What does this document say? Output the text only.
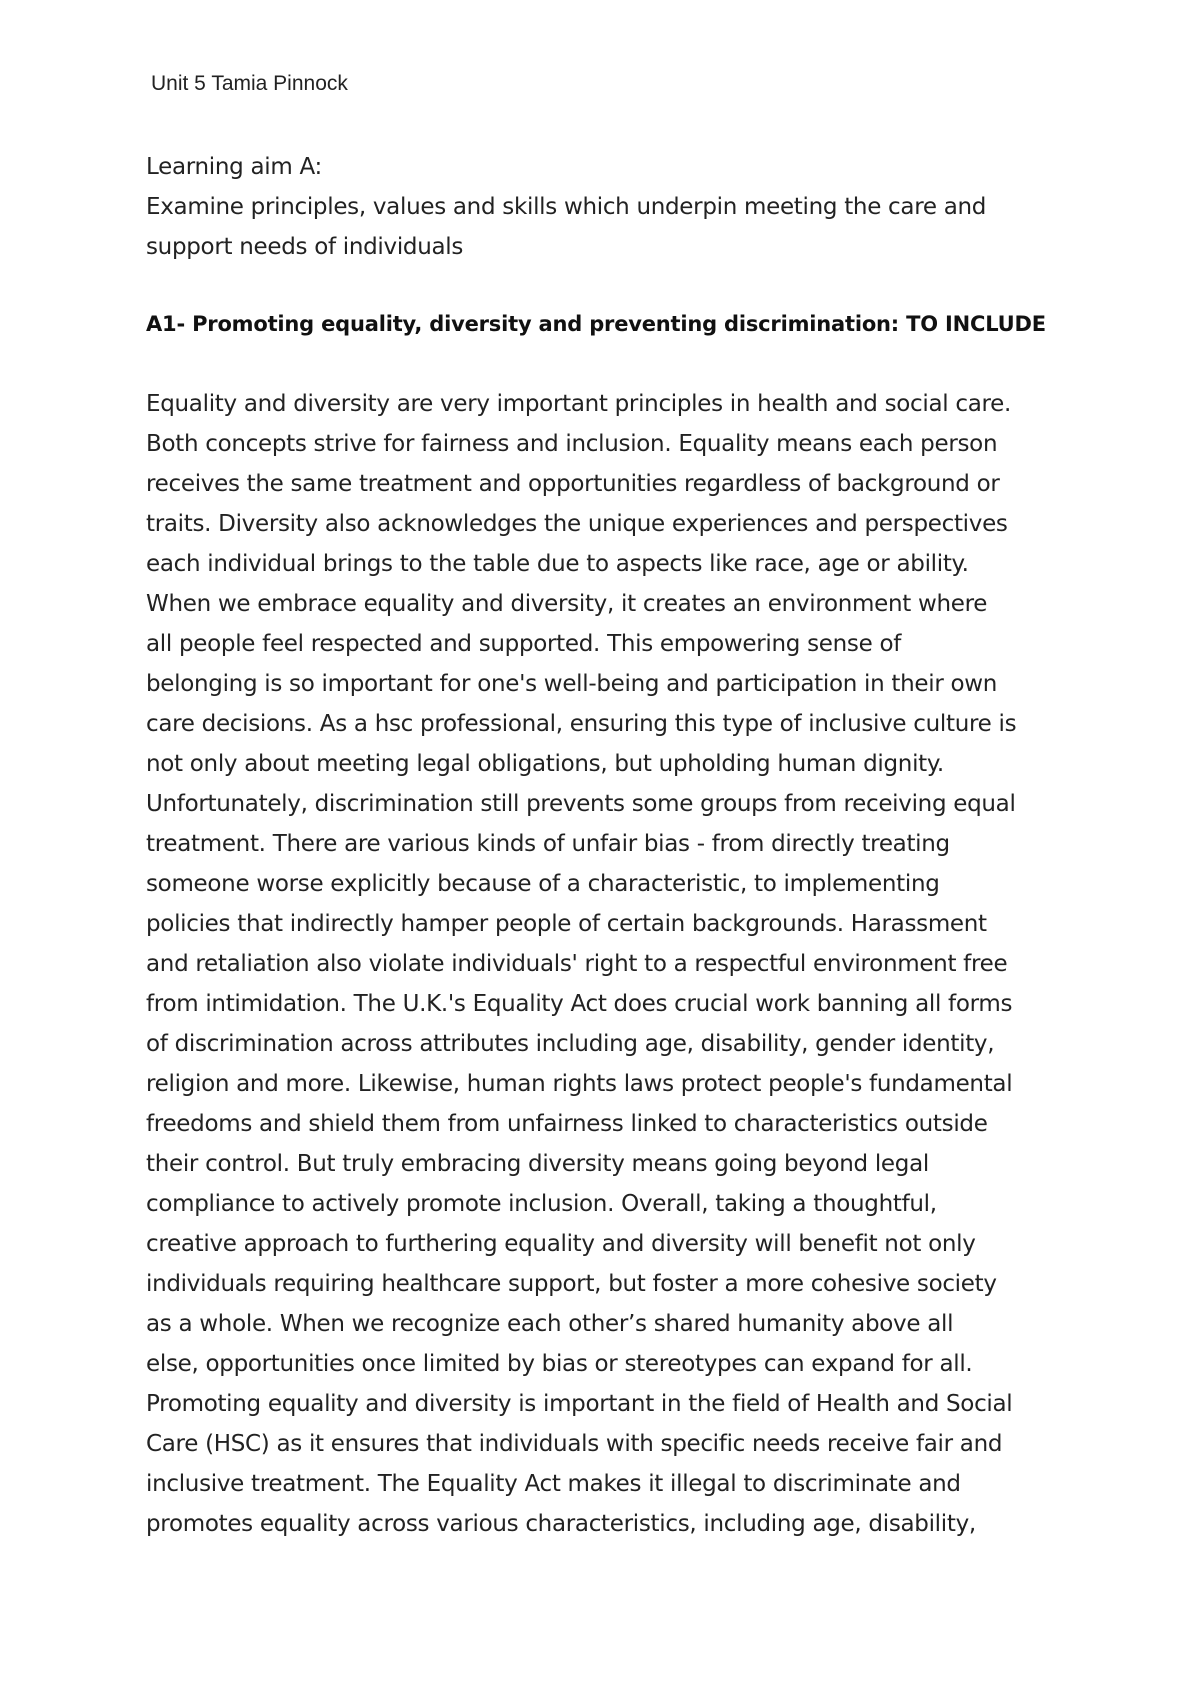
Unit 5 Tamia Pinnock
Learning aim A:
Examine principles, values and skills which underpin meeting the care and
support needs of individuals
A1- Promoting equality, diversity and preventing discrimination: TO INCLUDE
Equality and diversity are very important principles in health and social care.
Both concepts strive for fairness and inclusion. Equality means each person
receives the same treatment and opportunities regardless of background or
traits. Diversity also acknowledges the unique experiences and perspectives
each individual brings to the table due to aspects like race, age or ability.
When we embrace equality and diversity, it creates an environment where
all people feel respected and supported. This empowering sense of
belonging is so important for one's well-being and participation in their own
care decisions. As a hsc professional, ensuring this type of inclusive culture is
not only about meeting legal obligations, but upholding human dignity.
Unfortunately, discrimination still prevents some groups from receiving equal
treatment. There are various kinds of unfair bias - from directly treating
someone worse explicitly because of a characteristic, to implementing
policies that indirectly hamper people of certain backgrounds. Harassment
and retaliation also violate individuals' right to a respectful environment free
from intimidation. The U.K.'s Equality Act does crucial work banning all forms
of discrimination across attributes including age, disability, gender identity,
religion and more. Likewise, human rights laws protect people's fundamental
freedoms and shield them from unfairness linked to characteristics outside
their control. But truly embracing diversity means going beyond legal
compliance to actively promote inclusion. Overall, taking a thoughtful,
creative approach to furthering equality and diversity will benefit not only
individuals requiring healthcare support, but foster a more cohesive society
as a whole. When we recognize each other’s shared humanity above all
else, opportunities once limited by bias or stereotypes can expand for all.
Promoting equality and diversity is important in the field of Health and Social
Care (HSC) as it ensures that individuals with specific needs receive fair and
inclusive treatment. The Equality Act makes it illegal to discriminate and
promotes equality across various characteristics, including age, disability,
